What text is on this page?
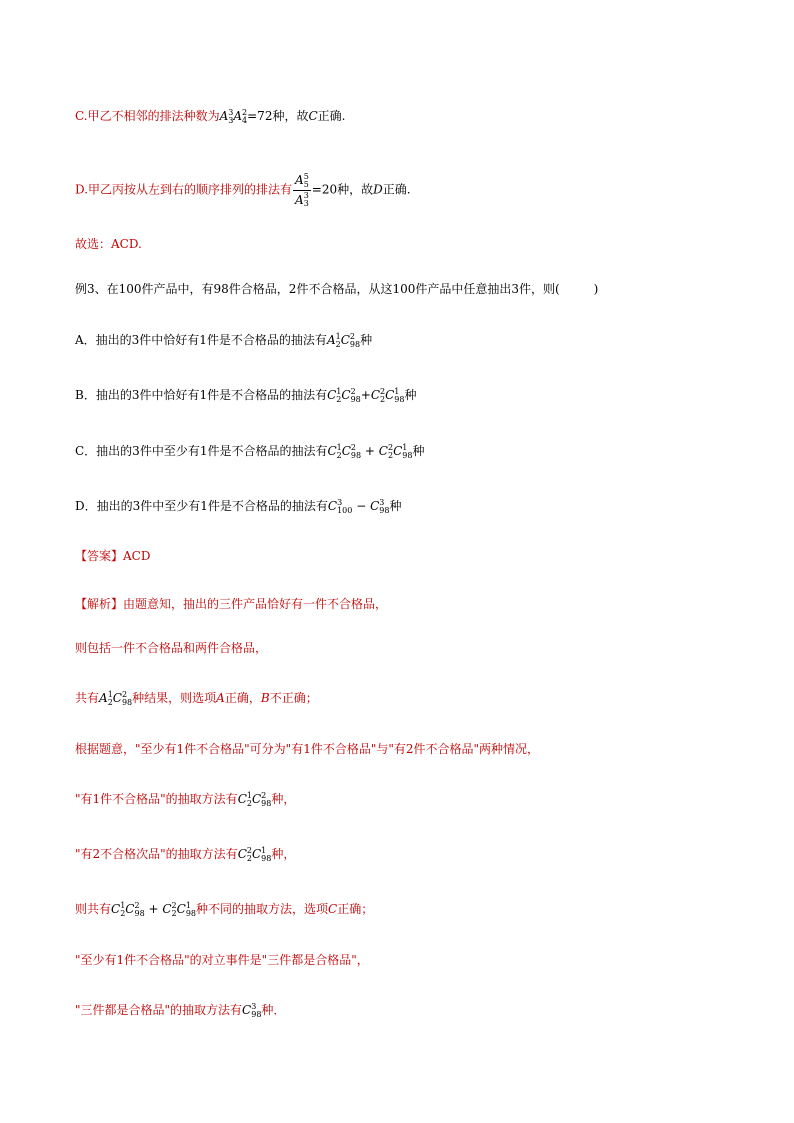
C.甲乙不相邻的排法种数为A 3
3 A 2
4 =72种，故C正确.
D.甲乙丙按从左到右的顺序排列的排法有 A 5
5
A 3
3 =20种，故D正确.
故选：ACD.
例3、在100件产品中，有98件合格品，2件不合格品，从这100件产品中任意抽出3件，则(	)
A．抽出的3件中恰好有1件是不合格品的抽法有A 1
2 C 2
98 种
B．抽出的3件中恰好有1件是不合格品的抽法有C 1
2 C 2
98 +C 2
2 C 1
98 种
C．抽出的3件中至少有1件是不合格品的抽法有C 1
2 C 2
98 + C 2
2 C 1
98 种
D．抽出的3件中至少有1件是不合格品的抽法有C 3
100 − C 3
98 种
【答案】ACD
【解析】由题意知，抽出的三件产品恰好有一件不合格品，
则包括一件不合格品和两件合格品，
共有A 1
2 C 2
98 种结果，则选项A正确，B不正确；
根据题意，"至少有1件不合格品"可分为"有1件不合格品"与"有2件不合格品"两种情况，
"有1件不合格品"的抽取方法有C 1
2 C 2
98 种，
"有2不合格次品"的抽取方法有C 2
2 C 1
98 种，
则共有C 1
2 C 2
98 + C 2
2 C 1
98 种不同的抽取方法，选项C正确；
"至少有1件不合格品"的对立事件是"三件都是合格品"，
"三件都是合格品"的抽取方法有C 3
98 种．
